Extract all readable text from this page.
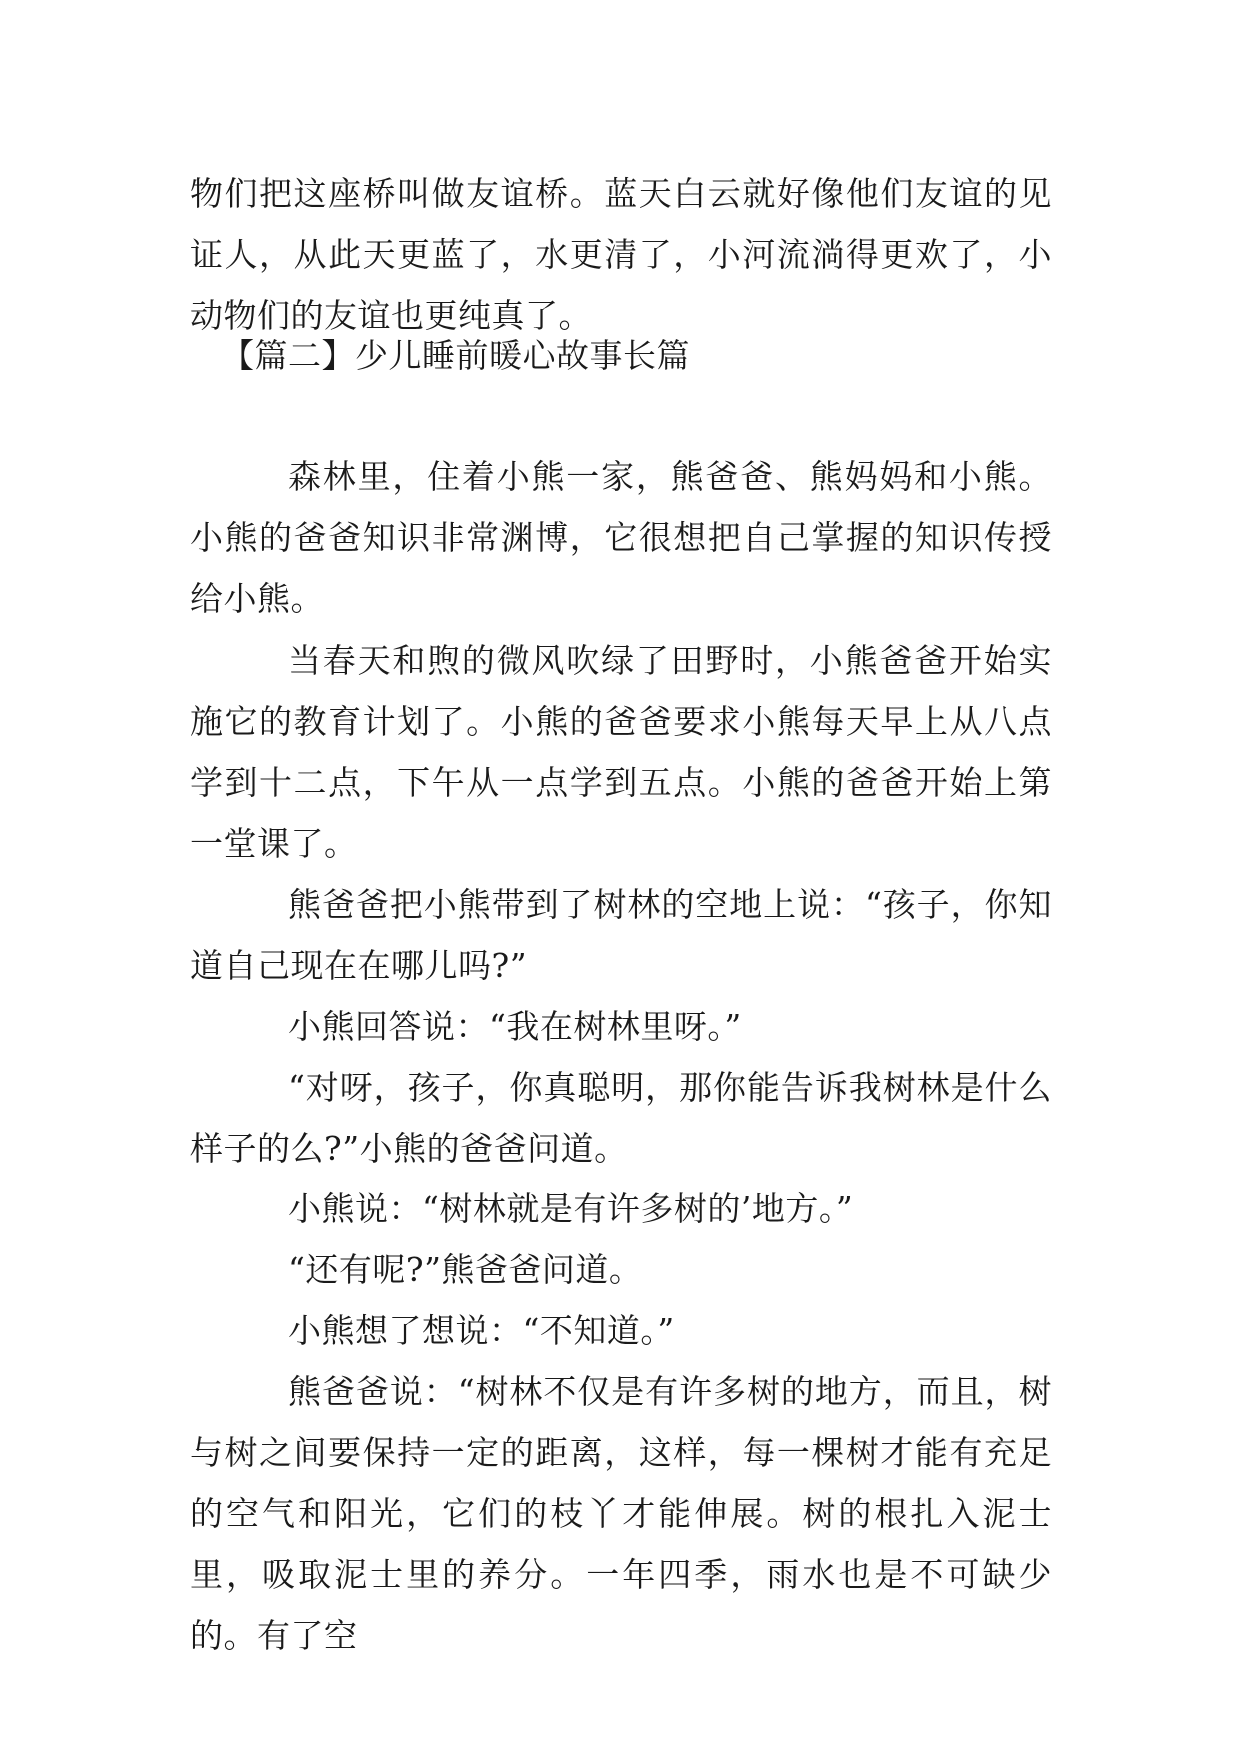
物们把这座桥叫做友谊桥。蓝天白云就好像他们友谊的见证人，从此天更蓝了，水更清了，小河流淌得更欢了，小动物们的友谊也更纯真了。

【篇二】少儿睡前暖心故事长篇

森林里，住着小熊一家，熊爸爸、熊妈妈和小熊。小熊的爸爸知识非常渊博，它很想把自己掌握的知识传授给小熊。

当春天和煦的微风吹绿了田野时，小熊爸爸开始实施它的教育计划了。小熊的爸爸要求小熊每天早上从八点学到十二点，下午从一点学到五点。小熊的爸爸开始上第一堂课了。

熊爸爸把小熊带到了树林的空地上说：“孩子，你知道自己现在在哪儿吗?”

小熊回答说：“我在树林里呀。”

“对呀，孩子，你真聪明，那你能告诉我树林是什么样子的么?”小熊的爸爸问道。

小熊说：“树林就是有许多树的’地方。”

“还有呢?”熊爸爸问道。

小熊想了想说：“不知道。”

熊爸爸说：“树林不仅是有许多树的地方，而且，树与树之间要保持一定的距离，这样，每一棵树才能有充足的空气和阳光，它们的枝丫才能伸展。树的根扎入泥士里，吸取泥士里的养分。一年四季，雨水也是不可缺少的。有了空
